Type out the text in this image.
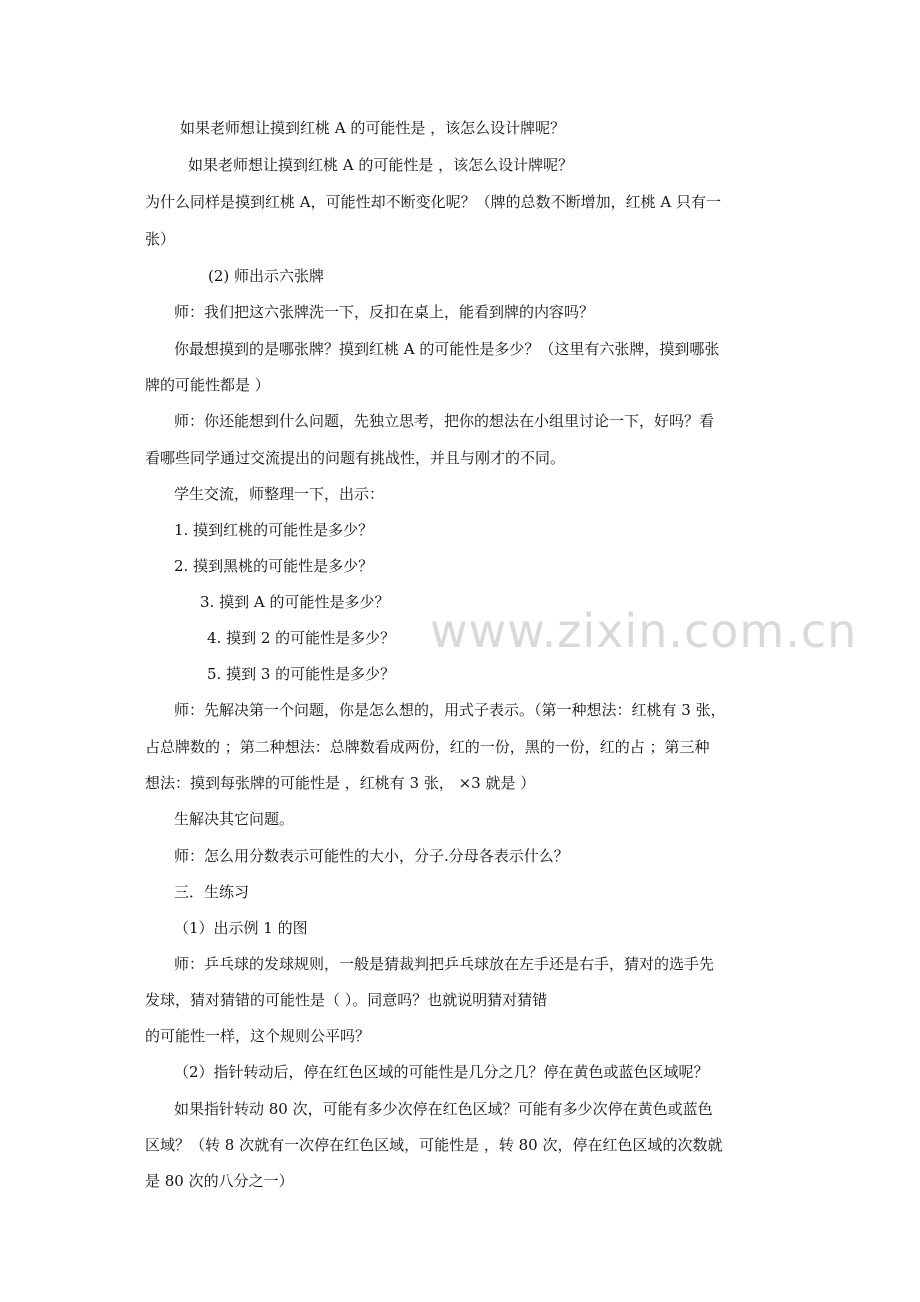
www.zixin.com.cn
如果老师想让摸到红桃 A 的可能性是 ，该怎么设计牌呢？
如果老师想让摸到红桃 A 的可能性是 ，该怎么设计牌呢？
为什么同样是摸到红桃 A，可能性却不断变化呢？（牌的总数不断增加，红桃 A 只有一
张）
(2) 师出示六张牌
师：我们把这六张牌洗一下，反扣在桌上，能看到牌的内容吗？
你最想摸到的是哪张牌？摸到红桃 A 的可能性是多少？（这里有六张牌，摸到哪张
牌的可能性都是 ）
师：你还能想到什么问题，先独立思考，把你的想法在小组里讨论一下，好吗？看
看哪些同学通过交流提出的问题有挑战性，并且与刚才的不同。
学生交流，师整理一下，出示：
1. 摸到红桃的可能性是多少？
2. 摸到黑桃的可能性是多少？
3. 摸到 A 的可能性是多少？
4. 摸到 2 的可能性是多少？
5. 摸到 3 的可能性是多少？
师：先解决第一个问题，你是怎么想的，用式子表示。（第一种想法：红桃有 3 张，
占总牌数的 ；第二种想法：总牌数看成两份，红的一份，黑的一份，红的占 ；第三种
想法：摸到每张牌的可能性是 ，红桃有 3 张， ×3 就是 ）
生解决其它问题。
师：怎么用分数表示可能性的大小，分子.分母各表示什么？
三．生练习
（1）出示例 1 的图
师：乒乓球的发球规则，一般是猜裁判把乒乓球放在左手还是右手，猜对的选手先
发球，猜对猜错的可能性是（ ）。同意吗？也就说明猜对猜错
的可能性一样，这个规则公平吗？
（2）指针转动后，停在红色区域的可能性是几分之几？停在黄色或蓝色区域呢？
如果指针转动 80 次，可能有多少次停在红色区域？可能有多少次停在黄色或蓝色
区域？（转 8 次就有一次停在红色区域，可能性是 ，转 80 次，停在红色区域的次数就
是 80 次的八分之一）
